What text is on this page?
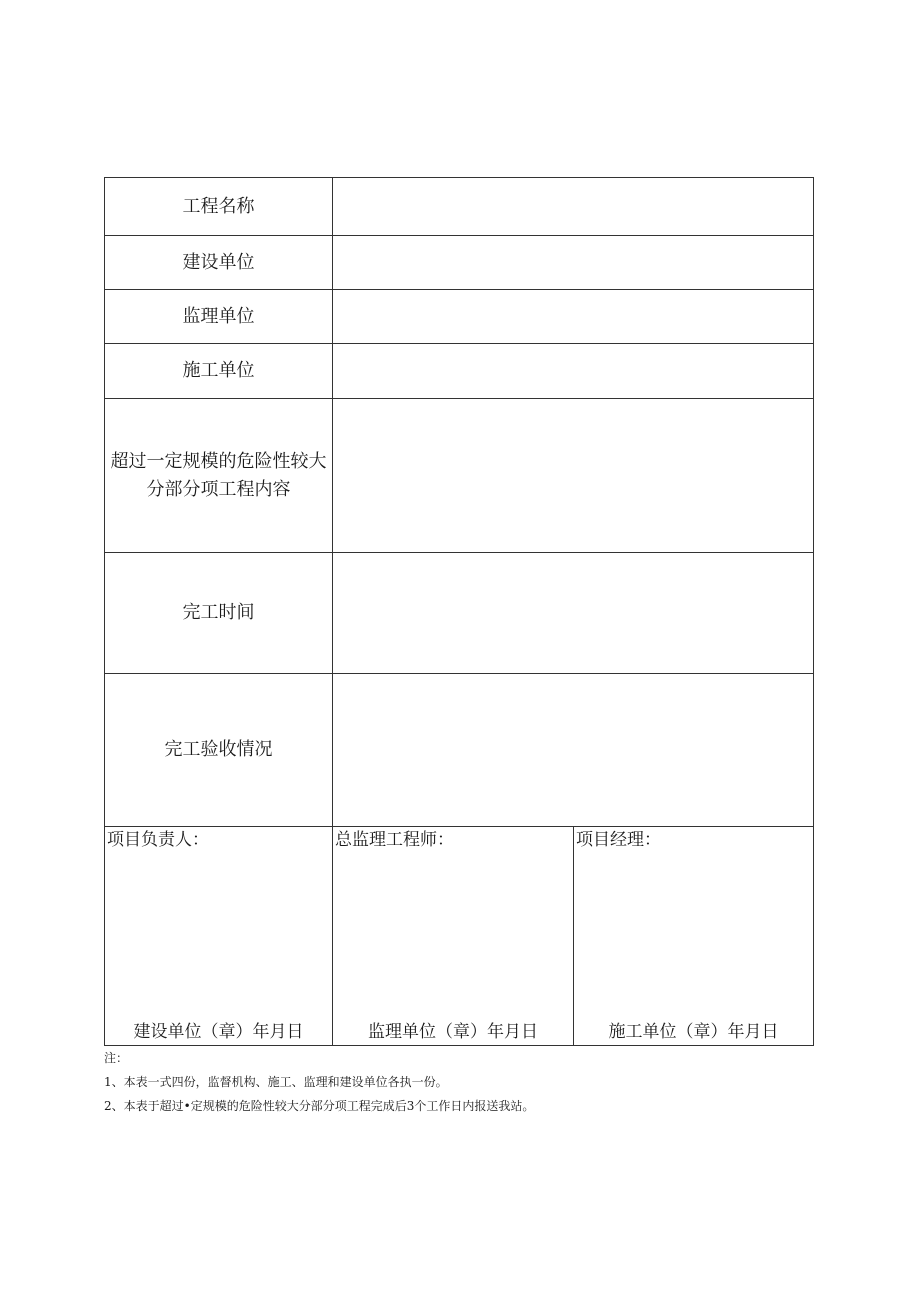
工程名称
建设单位
监理单位
施工单位
超过一定规模的危险性较大
分部分项工程内容
完工时间
完工验收情况
项目负责人：
建设单位（章）年月日
总监理工程师：
监理单位（章）年月日
项目经理：
施工单位（章）年月日

注：

1、本表一式四份，监督机构、施工、监理和建设单位各执一份。

2、本表于超过•定规模的危险性较大分部分项工程完成后3个工作日内报送我站。
